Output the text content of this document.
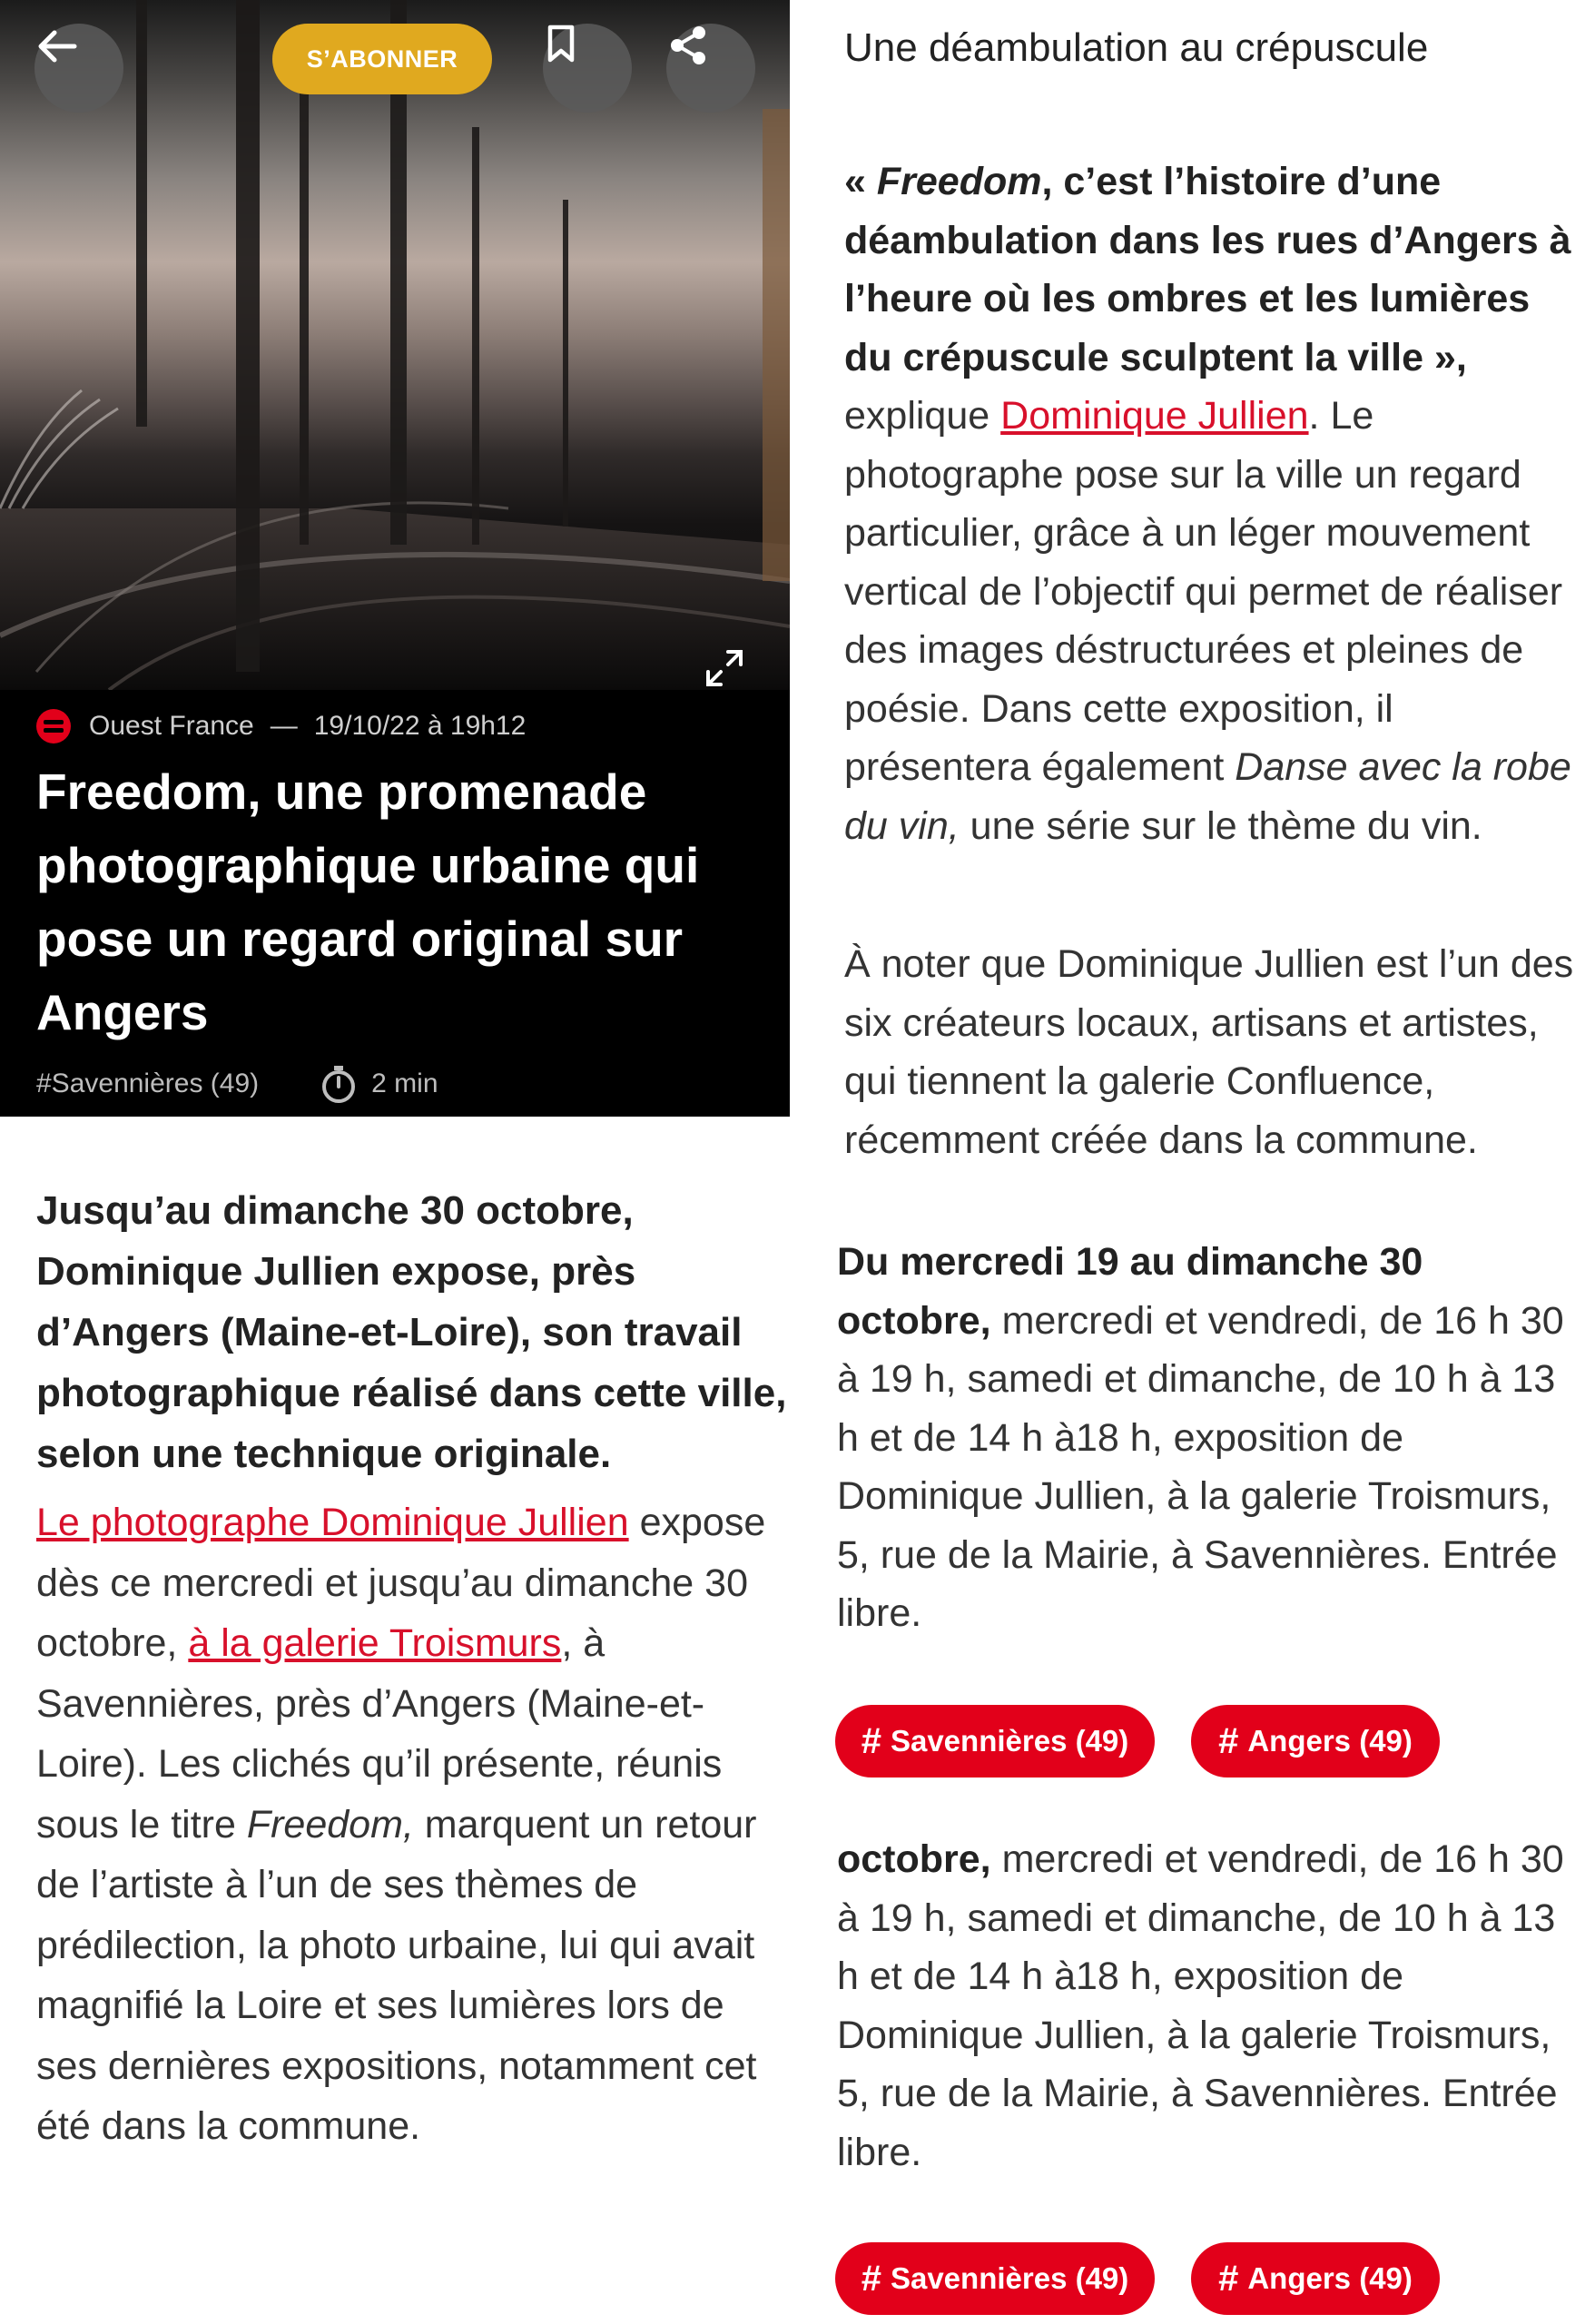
S’ABONNER
Ouest France — 19/10/22 à 19h12
Freedom, une promenade photographique urbaine qui pose un regard original sur Angers
#Savennières (49)	2 min
Jusqu’au dimanche 30 octobre, Dominique Jullien expose, près d’Angers (Maine-et-Loire), son travail photographique réalisé dans cette ville, selon une technique originale.
Le photographe Dominique Jullien expose dès ce mercredi et jusqu’au dimanche 30 octobre, à la galerie Troismurs, à Savennières, près d’Angers (Maine-et-Loire). Les clichés qu’il présente, réunis sous le titre Freedom, marquent un retour de l’artiste à l’un de ses thèmes de prédilection, la photo urbaine, lui qui avait magnifié la Loire et ses lumières lors de ses dernières expositions, notamment cet été dans la commune.
Une déambulation au crépuscule
« Freedom, c’est l’histoire d’une déambulation dans les rues d’Angers à l’heure où les ombres et les lumières du crépuscule sculptent la ville », explique Dominique Jullien. Le photographe pose sur la ville un regard particulier, grâce à un léger mouvement vertical de l’objectif qui permet de réaliser des images déstructurées et pleines de poésie. Dans cette exposition, il présentera également Danse avec la robe du vin, une série sur le thème du vin.
À noter que Dominique Jullien est l’un des six créateurs locaux, artisans et artistes, qui tiennent la galerie Confluence, récemment créée dans la commune.
Du mercredi 19 au dimanche 30 octobre, mercredi et vendredi, de 16 h 30 à 19 h, samedi et dimanche, de 10 h à 13 h et de 14 h à18 h, exposition de Dominique Jullien, à la galerie Troismurs, 5, rue de la Mairie, à Savennières. Entrée libre.
# Savennières (49) # Angers (49)
octobre, mercredi et vendredi, de 16 h 30 à 19 h, samedi et dimanche, de 10 h à 13 h et de 14 h à18 h, exposition de Dominique Jullien, à la galerie Troismurs, 5, rue de la Mairie, à Savennières. Entrée libre.
# Savennières (49) # Angers (49)
